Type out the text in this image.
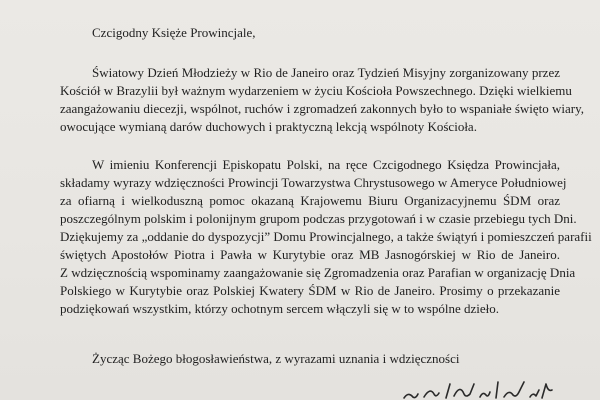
Czcigodny Księże Prowincjale,
Światowy Dzień Młodzieży w Rio de Janeiro oraz Tydzień Misyjny zorganizowany przez
Kościół w Brazylii był ważnym wydarzeniem w życiu Kościoła Powszechnego. Dzięki wielkiemu
zaangażowaniu diecezji, wspólnot, ruchów i zgromadzeń zakonnych było to wspaniałe święto wiary,
owocujące wymianą darów duchowych i praktyczną lekcją wspólnoty Kościoła.
W imieniu Konferencji Episkopatu Polski, na ręce Czcigodnego Księdza Prowincjała,
składamy wyrazy wdzięczności Prowincji Towarzystwa Chrystusowego w Ameryce Południowej
za ofiarną i wielkoduszną pomoc okazaną Krajowemu Biuru Organizacyjnemu ŚDM oraz
poszczególnym polskim i polonijnym grupom podczas przygotowań i w czasie przebiegu tych Dni.
Dziękujemy za „oddanie do dyspozycji” Domu Prowincjalnego, a także świątyń i pomieszczeń parafii
świętych Apostołów Piotra i Pawła w Kurytybie oraz MB Jasnogórskiej w Rio de Janeiro.
Z wdzięcznością wspominamy zaangażowanie się Zgromadzenia oraz Parafian w organizację Dnia
Polskiego w Kurytybie oraz Polskiej Kwatery ŚDM w Rio de Janeiro. Prosimy o przekazanie
podziękowań wszystkim, którzy ochotnym sercem włączyli się w to wspólne dzieło.
Życząc Bożego błogosławieństwa, z wyrazami uznania i wdzięczności
